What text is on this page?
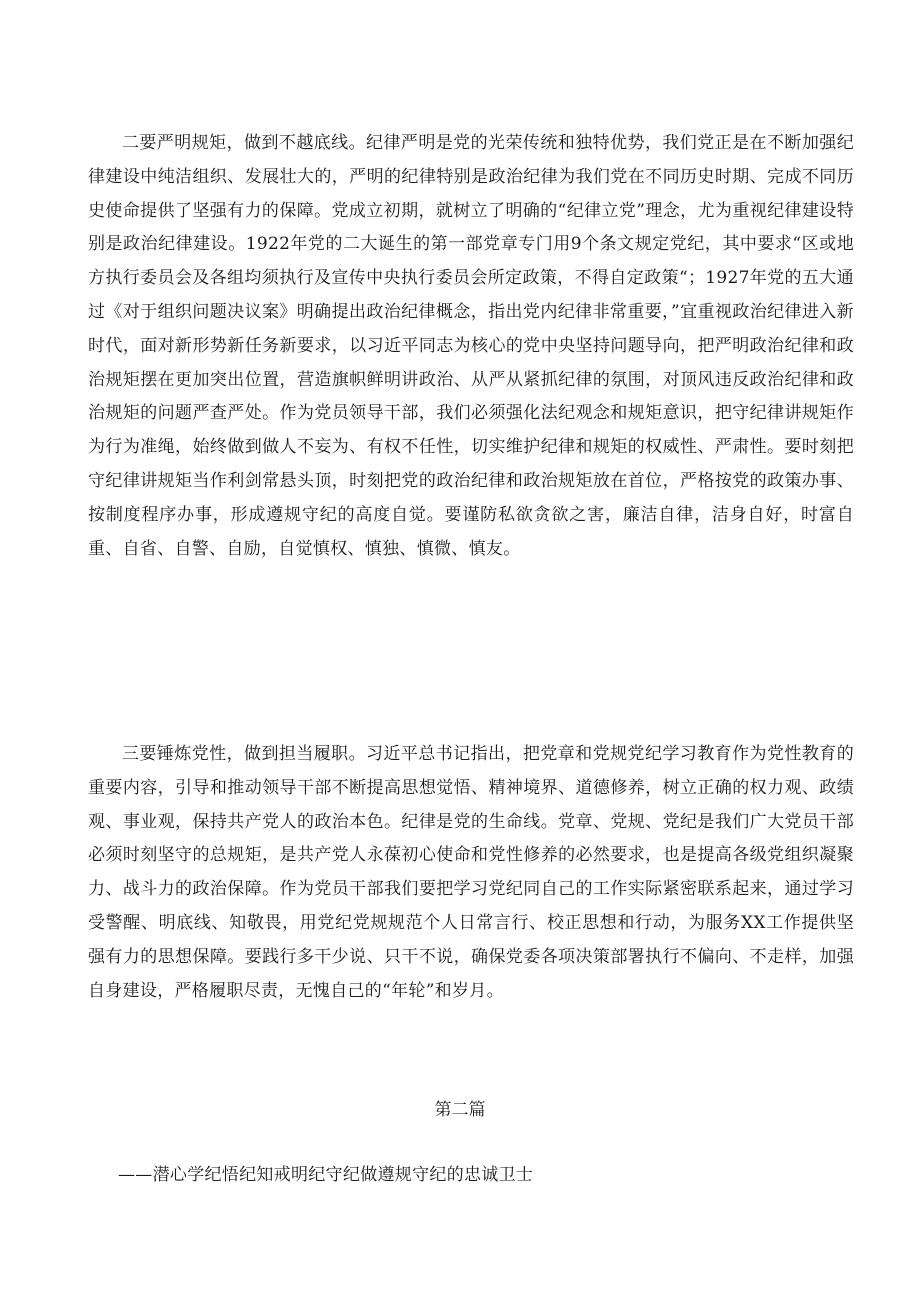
二要严明规矩，做到不越底线。纪律严明是党的光荣传统和独特优势，我们党正是在不断加强纪律建设中纯洁组织、发展壮大的，严明的纪律特别是政治纪律为我们党在不同历史时期、完成不同历史使命提供了坚强有力的保障。党成立初期，就树立了明确的“纪律立党”理念，尤为重视纪律建设特别是政治纪律建设。1922年党的二大诞生的第一部党章专门用9个条文规定党纪，其中要求“区或地方执行委员会及各组均须执行及宣传中央执行委员会所定政策，不得自定政策“；1927年党的五大通过《对于组织问题决议案》明确提出政治纪律概念，指出党内纪律非常重要，”宜重视政治纪律进入新时代，面对新形势新任务新要求，以习近平同志为核心的党中央坚持问题导向，把严明政治纪律和政治规矩摆在更加突出位置，营造旗帜鲜明讲政治、从严从紧抓纪律的氛围，对顶风违反政治纪律和政治规矩的问题严查严处。作为党员领导干部，我们必须强化法纪观念和规矩意识，把守纪律讲规矩作为行为准绳，始终做到做人不妄为、有权不任性，切实维护纪律和规矩的权威性、严肃性。要时刻把守纪律讲规矩当作利剑常悬头顶，时刻把党的政治纪律和政治规矩放在首位，严格按党的政策办事、按制度程序办事，形成遵规守纪的高度自觉。要谨防私欲贪欲之害，廉洁自律，洁身自好，时富自重、自省、自警、自励，自觉慎权、慎独、慎微、慎友。

三要锤炼党性，做到担当履职。习近平总书记指出，把党章和党规党纪学习教育作为党性教育的重要内容，引导和推动领导干部不断提高思想觉悟、精神境界、道德修养，树立正确的权力观、政绩观、事业观，保持共产党人的政治本色。纪律是党的生命线。党章、党规、党纪是我们广大党员干部必须时刻坚守的总规矩，是共产党人永葆初心使命和党性修养的必然要求，也是提高各级党组织凝聚力、战斗力的政治保障。作为党员干部我们要把学习党纪同自己的工作实际紧密联系起来，通过学习受警醒、明底线、知敬畏，用党纪党规规范个人日常言行、校正思想和行动，为服务XX工作提供坚强有力的思想保障。要践行多干少说、只干不说，确保党委各项决策部署执行不偏向、不走样，加强自身建设，严格履职尽责，无愧自己的“年轮”和岁月。

第二篇

——潜心学纪悟纪知戒明纪守纪做遵规守纪的忠诚卫士
